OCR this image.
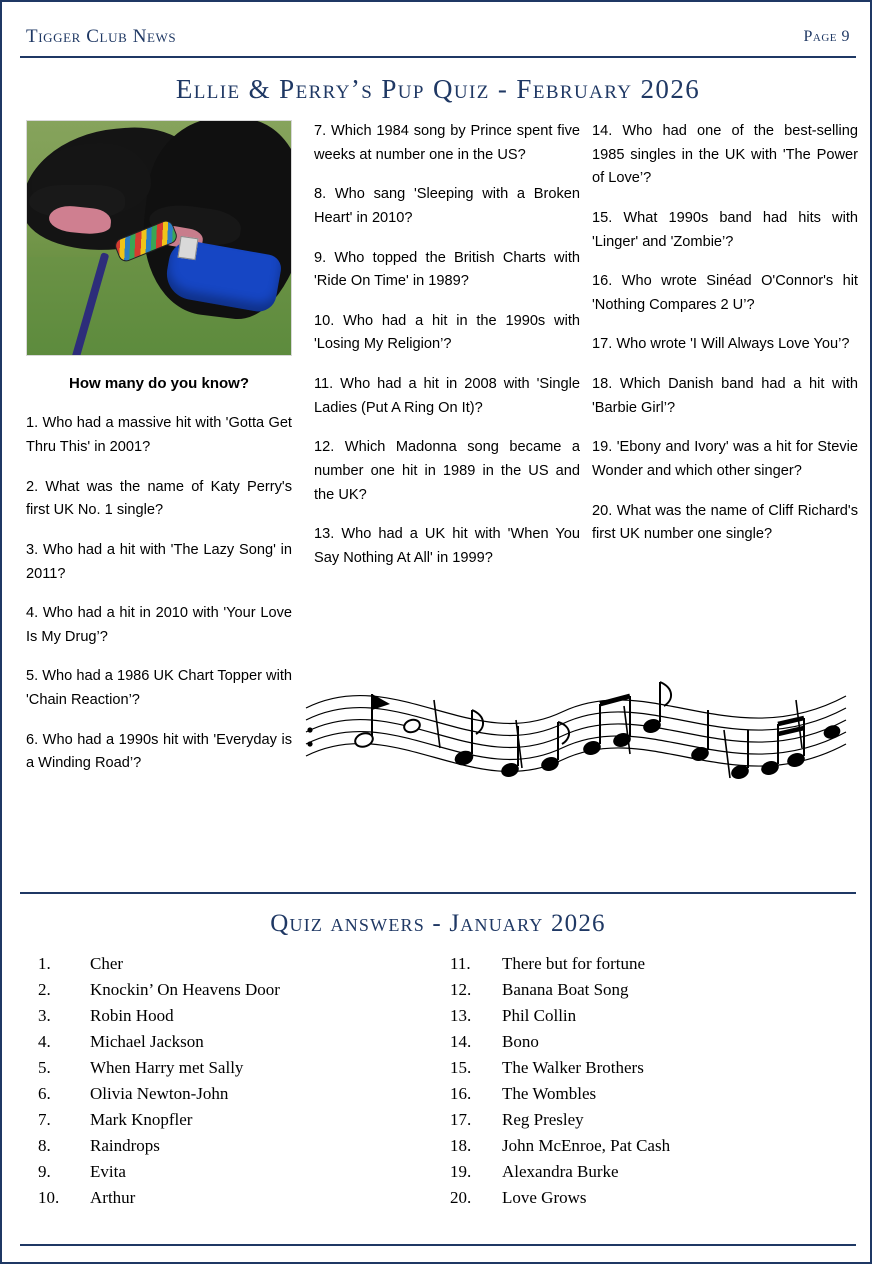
Tigger Club News	Page 9
Ellie & Perry’s Pup Quiz - February 2026
How many do you know?
1. Who had a massive hit with 'Gotta Get Thru This' in 2001?
2. What was the name of Katy Perry's first UK No. 1 single?
3. Who had a hit with 'The Lazy Song' in 2011?
4. Who had a hit in 2010 with 'Your Love Is My Drug’?
5. Who had a 1986 UK Chart Topper with 'Chain Reaction’?
6. Who had a 1990s hit with 'Everyday is a Winding Road’?
7. Which 1984 song by Prince spent five weeks at number one in the US?
8. Who sang 'Sleeping with a Broken Heart' in 2010?
9. Who topped the British Charts with 'Ride On Time' in 1989?
10. Who had a hit in the 1990s with 'Losing My Religion’?
11. Who had a hit in 2008 with 'Single Ladies (Put A Ring On It)?
12. Which Madonna song became a number one hit in 1989 in the US and the UK?
13. Who had a UK hit with 'When You Say Nothing At All' in 1999?
14. Who had one of the best-selling 1985 singles in the UK with 'The Power of Love’?
15. What 1990s band had hits with 'Linger' and 'Zombie’?
16. Who wrote Sinéad O'Connor's hit 'Nothing Compares 2 U’?
17. Who wrote 'I Will Always Love You’?
18. Which Danish band had a hit with 'Barbie Girl’?
19. 'Ebony and Ivory' was a hit for Stevie Wonder and which other singer?
20. What was the name of Cliff Richard's first UK number one single?
Quiz answers - January 2026
1.	Cher
2.	Knockin’ On Heavens Door
3.	Robin Hood
4.	Michael Jackson
5.	When Harry met Sally
6.	Olivia Newton-John
7.	Mark Knopfler
8.	Raindrops
9.	Evita
10.	Arthur
11.	There but for fortune
12.	Banana Boat Song
13.	Phil Collin
14.	Bono
15.	The Walker Brothers
16.	The Wombles
17.	Reg Presley
18.	John McEnroe, Pat Cash
19.	Alexandra Burke
20.	Love Grows
